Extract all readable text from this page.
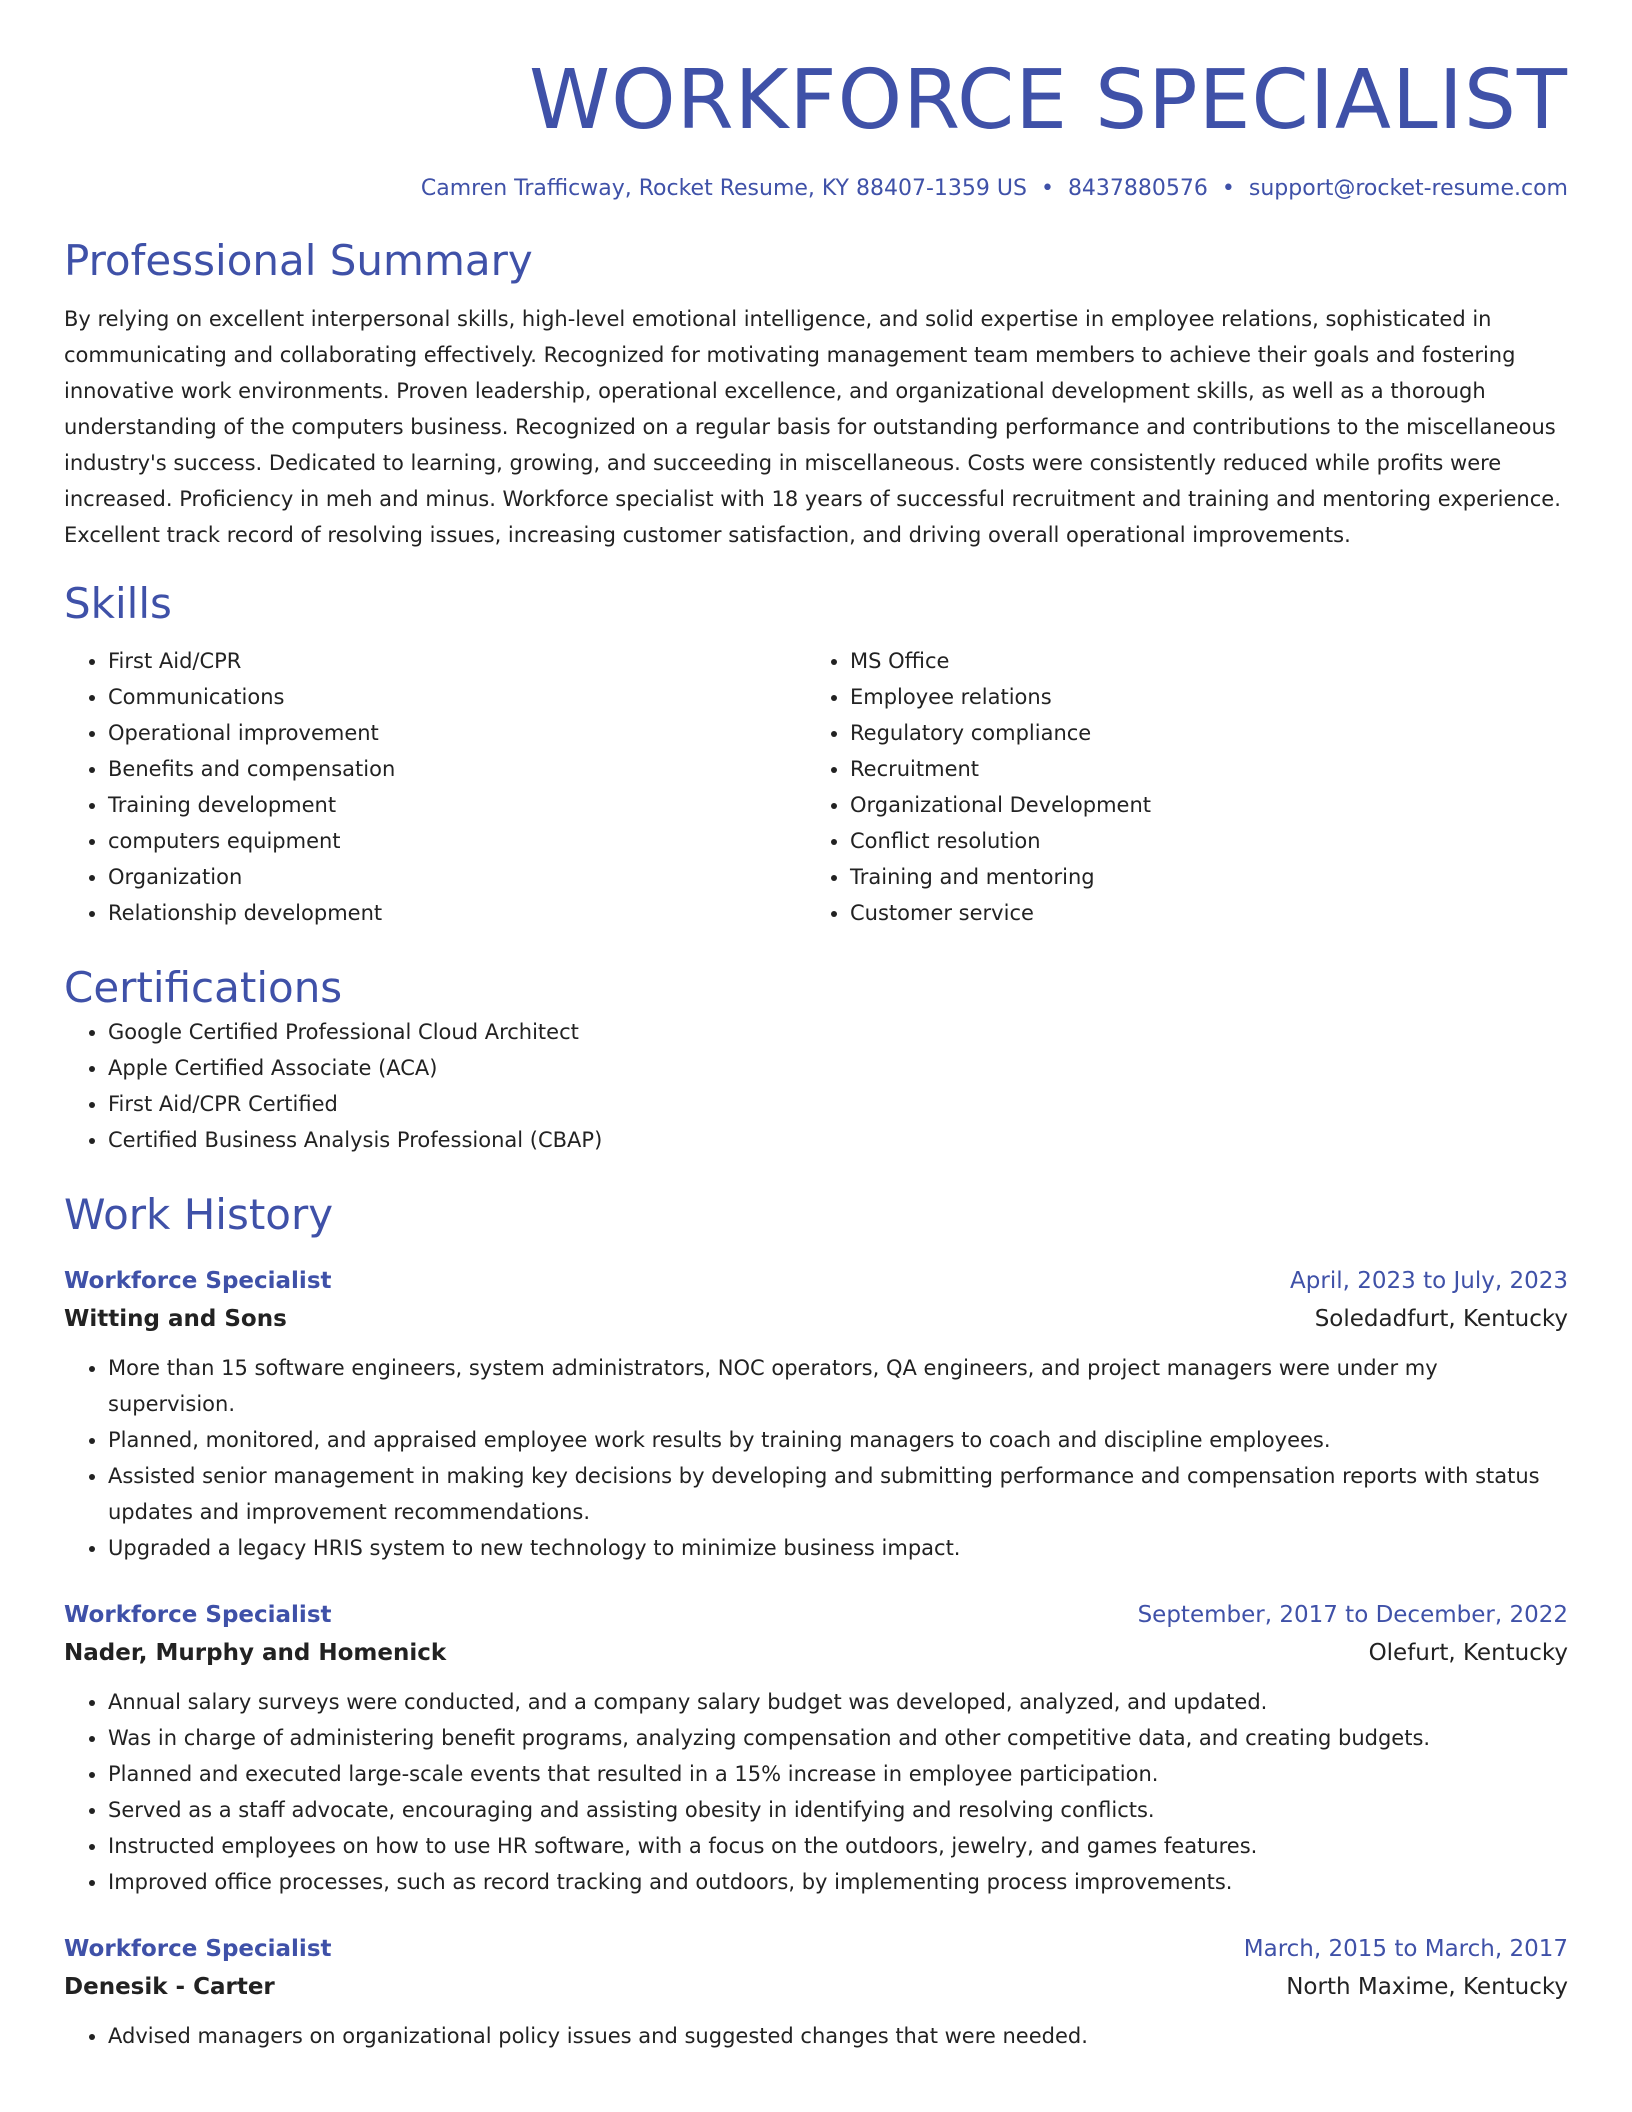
WORKFORCE SPECIALIST
Camren Trafficway, Rocket Resume, KY 88407-1359 US • 8437880576 • support@rocket-resume.com
Professional Summary
By relying on excellent interpersonal skills, high-level emotional intelligence, and solid expertise in employee relations, sophisticated in communicating and collaborating effectively. Recognized for motivating management team members to achieve their goals and fostering innovative work environments. Proven leadership, operational excellence, and organizational development skills, as well as a thorough understanding of the computers business. Recognized on a regular basis for outstanding performance and contributions to the miscellaneous industry's success. Dedicated to learning, growing, and succeeding in miscellaneous. Costs were consistently reduced while profits were increased. Proficiency in meh and minus. Workforce specialist with 18 years of successful recruitment and training and mentoring experience. Excellent track record of resolving issues, increasing customer satisfaction, and driving overall operational improvements.
Skills
• First Aid/CPR
• Communications
• Operational improvement
• Benefits and compensation
• Training development
• computers equipment
• Organization
• Relationship development
• MS Office
• Employee relations
• Regulatory compliance
• Recruitment
• Organizational Development
• Conflict resolution
• Training and mentoring
• Customer service
Certifications
• Google Certified Professional Cloud Architect
• Apple Certified Associate (ACA)
• First Aid/CPR Certified
• Certified Business Analysis Professional (CBAP)
Work History
Workforce Specialist	April, 2023 to July, 2023
Witting and Sons	Soledadfurt, Kentucky
• More than 15 software engineers, system administrators, NOC operators, QA engineers, and project managers were under my supervision.
• Planned, monitored, and appraised employee work results by training managers to coach and discipline employees.
• Assisted senior management in making key decisions by developing and submitting performance and compensation reports with status updates and improvement recommendations.
• Upgraded a legacy HRIS system to new technology to minimize business impact.
Workforce Specialist	September, 2017 to December, 2022
Nader, Murphy and Homenick	Olefurt, Kentucky
• Annual salary surveys were conducted, and a company salary budget was developed, analyzed, and updated.
• Was in charge of administering benefit programs, analyzing compensation and other competitive data, and creating budgets.
• Planned and executed large-scale events that resulted in a 15% increase in employee participation.
• Served as a staff advocate, encouraging and assisting obesity in identifying and resolving conflicts.
• Instructed employees on how to use HR software, with a focus on the outdoors, jewelry, and games features.
• Improved office processes, such as record tracking and outdoors, by implementing process improvements.
Workforce Specialist	March, 2015 to March, 2017
Denesik - Carter	North Maxime, Kentucky
• Advised managers on organizational policy issues and suggested changes that were needed.
